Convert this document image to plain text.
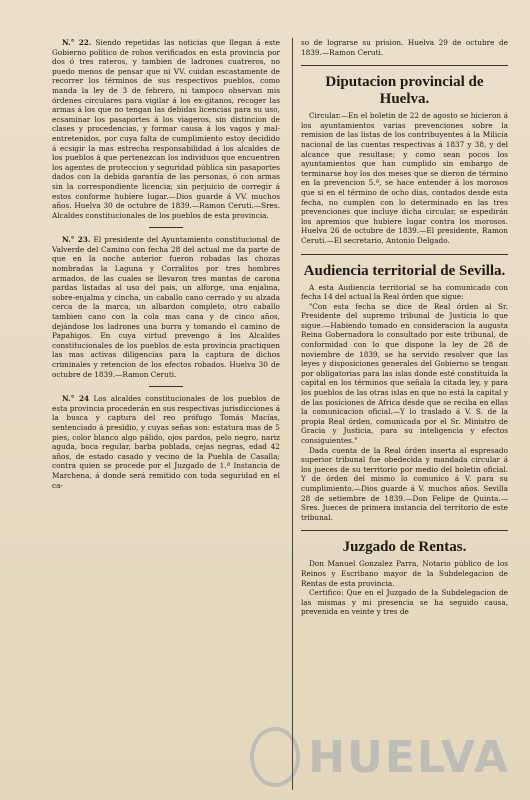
N.° 22. Siendo repetidas las noticias que llegan á este Gobierno político de robos verificados en esta provincia por dos ó tres rateros, y tambien de ladrones cuatreros, no puedo menos de pensar que ni VV. cuidan escastamente de recorrer los términos de sus respectivos pueblos, como manda la ley de 3 de febrero, ni tampoco observan mis órdenes circulares para vigilar á los ex-gitanos, recoger las armas á los que no tengan las debidas licencias para su uso, ecsaminar los pasaportes á los viageros, sin distincion de clases y procedencias, y formar causa á los vagos y mal-entretenidos, por cuya falta de cumplimiento estoy decidido á ecsigir la mas estrecha responsabilidad á los alcaldes de los pueblos á que pertenezcan los individuos que encuentren los agentes de proteccion y seguridad pública sin pasaportes dados con la debida garantía de las personas, ó con armas sin la correspondiente licencia; sin perjuicio de corregir á estos conforme hubiere lugar.—Dios guarde á VV. muchos años. Huelva 30 de octubre de 1839.—Ramon Ceruti.—Sres. Alcaldes constitucionales de los pueblos de esta provincia.

N.° 23. El presidente del Ayuntamiento constitucional de Valverde del Camino con fecha 28 del actual me da parte de que en la noche anterior fueron robadas las chozas nombradas la Laguna y Corralitos por tres hombres armados, de las cuales se llevaron tres mantas de carona pardas listadas al uso del pais, un alforge, una enjalma, sobre-enjalma y cincha, un caballo cano cerrado y su alzada cerca de la marca, un albardon completo, otro caballo tambien cano con la cola mas cana y de cinco años, dejándose los ladrones una burra y tomando el camino de Papahigos. En cuya virtud prevengo á los Alcaldes constitucionales de los pueblos de esta provincia practiquen las mas activas diligencias para la captura de dichos criminales y retencion de los efectos robados. Huelva 30 de octubre de 1839.—Ramon Ceruti.

N.° 24 Los alcaldes constitucionales de los pueblos de esta provincia procederán en sus respectivas jurisdicciones á la busca y captura del reo prófugo Tomás Macías, sentenciado á presidio, y cuyas señas son: estatura mas de 5 pies, color blanco algo pálido, ojos pardos, pelo negro, nariz aguda, boca regular, barba poblada, cejas negras, edad 42 años, de estado casado y vecino de la Puebla de Casalla; contra quien se procede por el Juzgado de 1.ª Instancia de Marchena, á donde será remitido con toda seguridad en el ca-

so de lograrse su prision. Huelva 29 de octubre de 1839.—Ramon Ceruti.

Diputacion provincial de Huelva.

Circular.—En el boletin de 22 de agosto se hicieron á los ayuntamientos varias prevenciones sobre la remision de las listas de los contribuyentes á la Milicia nacional de las cuentas respectivas á 1837 y 38, y del alcance que resultase; y como sean pocos los ayuntamientos que han cumplido sin embargo de terminarse hoy los dos meses que se dieron de término en la prevencion 5.ª, se hace entender á los morosos que si en el término de ocho dias, contados desde esta fecha, no cumplen con lo determinado en las tres prevenciones que incluye dicha circular, se espedirán los apremios que hubiere lugar contra los morosos. Huelva 26 de octubre de 1839.—El presidente, Ramon Ceruti.—El secretario, Antonio Delgado.

Audiencia territorial de Sevilla.

A esta Audiencia territorial se ha comunicado con fecha 14 del actual la Real órden que sigue:

"Con esta fecha se dice de Real órden al Sr. Presidente del supremo tribunal de Justicia lo que sigue.—Habiendo tomado en consideracion la augusta Reina Gobernadora lo consultado por este tribunal, de conformidad con lo que dispone la ley de 28 de noviembre de 1839, se ha servido resolver que las leyes y disposiciones generales del Gobierno se tengan por obligatorias para las islas donde esté constituida la capital en los términos que señala la citada ley, y para los pueblos de las otras islas en que no está la capital y de las posiciones de Africa desde que se reciba en ellas la comunicacion oficial.—Y lo traslado á V. S. de la propia Real órden, comunicada por el Sr. Ministro de Gracia y Justicia, para su inteligencia y efectos consiguientes."

Dada cuenta de la Real órden inserta al espresado superior tribunal fue obedecida y mandada circular á los jueces de su territorio por medio del boletin oficial. Y de órden del mismo lo comunico á V. para su cumplimiento.—Dios guarde á V. muchos años. Sevilla 28 de setiembre de 1839.—Don Felipe de Quinta.—Sres. Jueces de primera instancia del territorio de este tribunal.

Juzgado de Rentas.

Don Manuel Gonzalez Parra, Notario público de los Reinos y Escribano mayor de la Subdelegacion de Rentas de esta provincia.

Certifico: Que en el Juzgado de la Subdelegacion de las mismas y mi presencia se ha seguido causa, prevenida en veinte y tres de

HUELVA
